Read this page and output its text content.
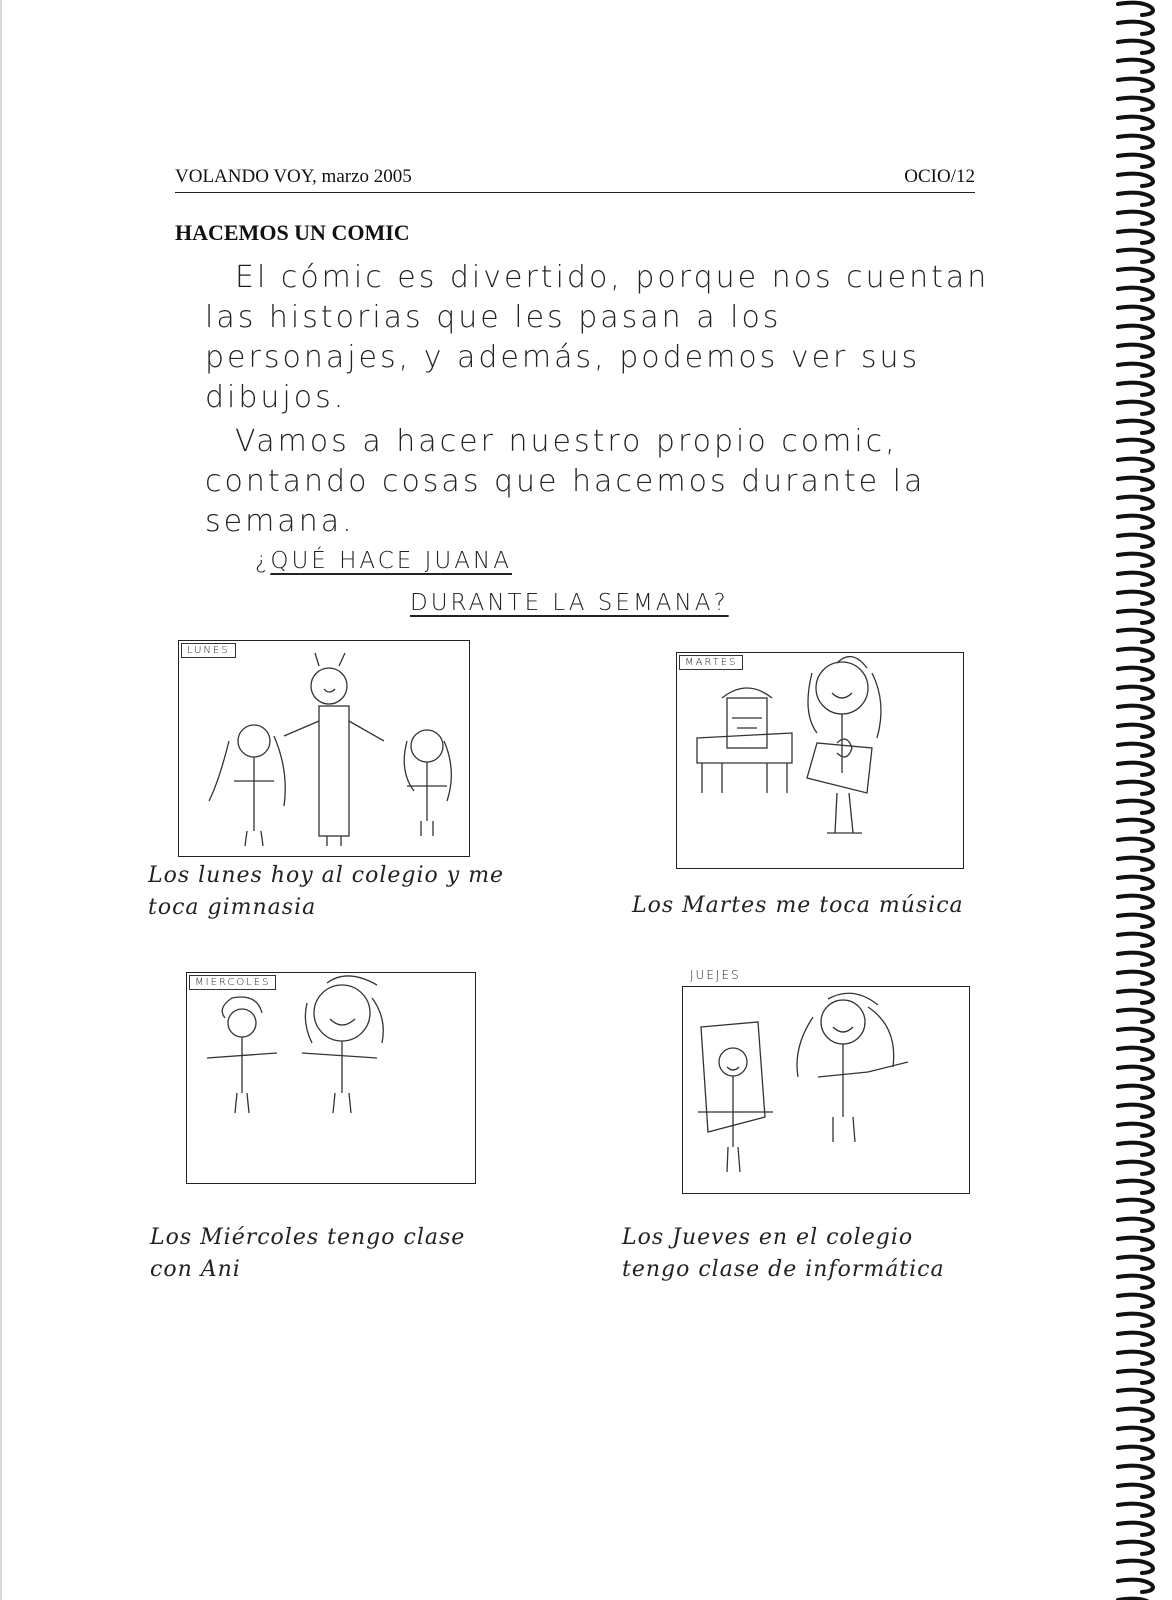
VOLANDO VOY, marzo 2005	OCIO/12
HACEMOS UN COMIC

El cómic es divertido, porque nos cuentan las historias que les pasan a los personajes, y además, podemos ver sus dibujos.

Vamos a hacer nuestro propio comic, contando cosas que hacemos durante la semana.

¿QUÉ HACE JUANA
DURANTE LA SEMANA?
LUNES

Los lunes hoy al colegio y me toca gimnasia

MARTES

Los Martes me toca música

MIERCOLES

Los Miércoles tengo clase con Ani

JUEJES

Los Jueves en el colegio tengo clase de informática
